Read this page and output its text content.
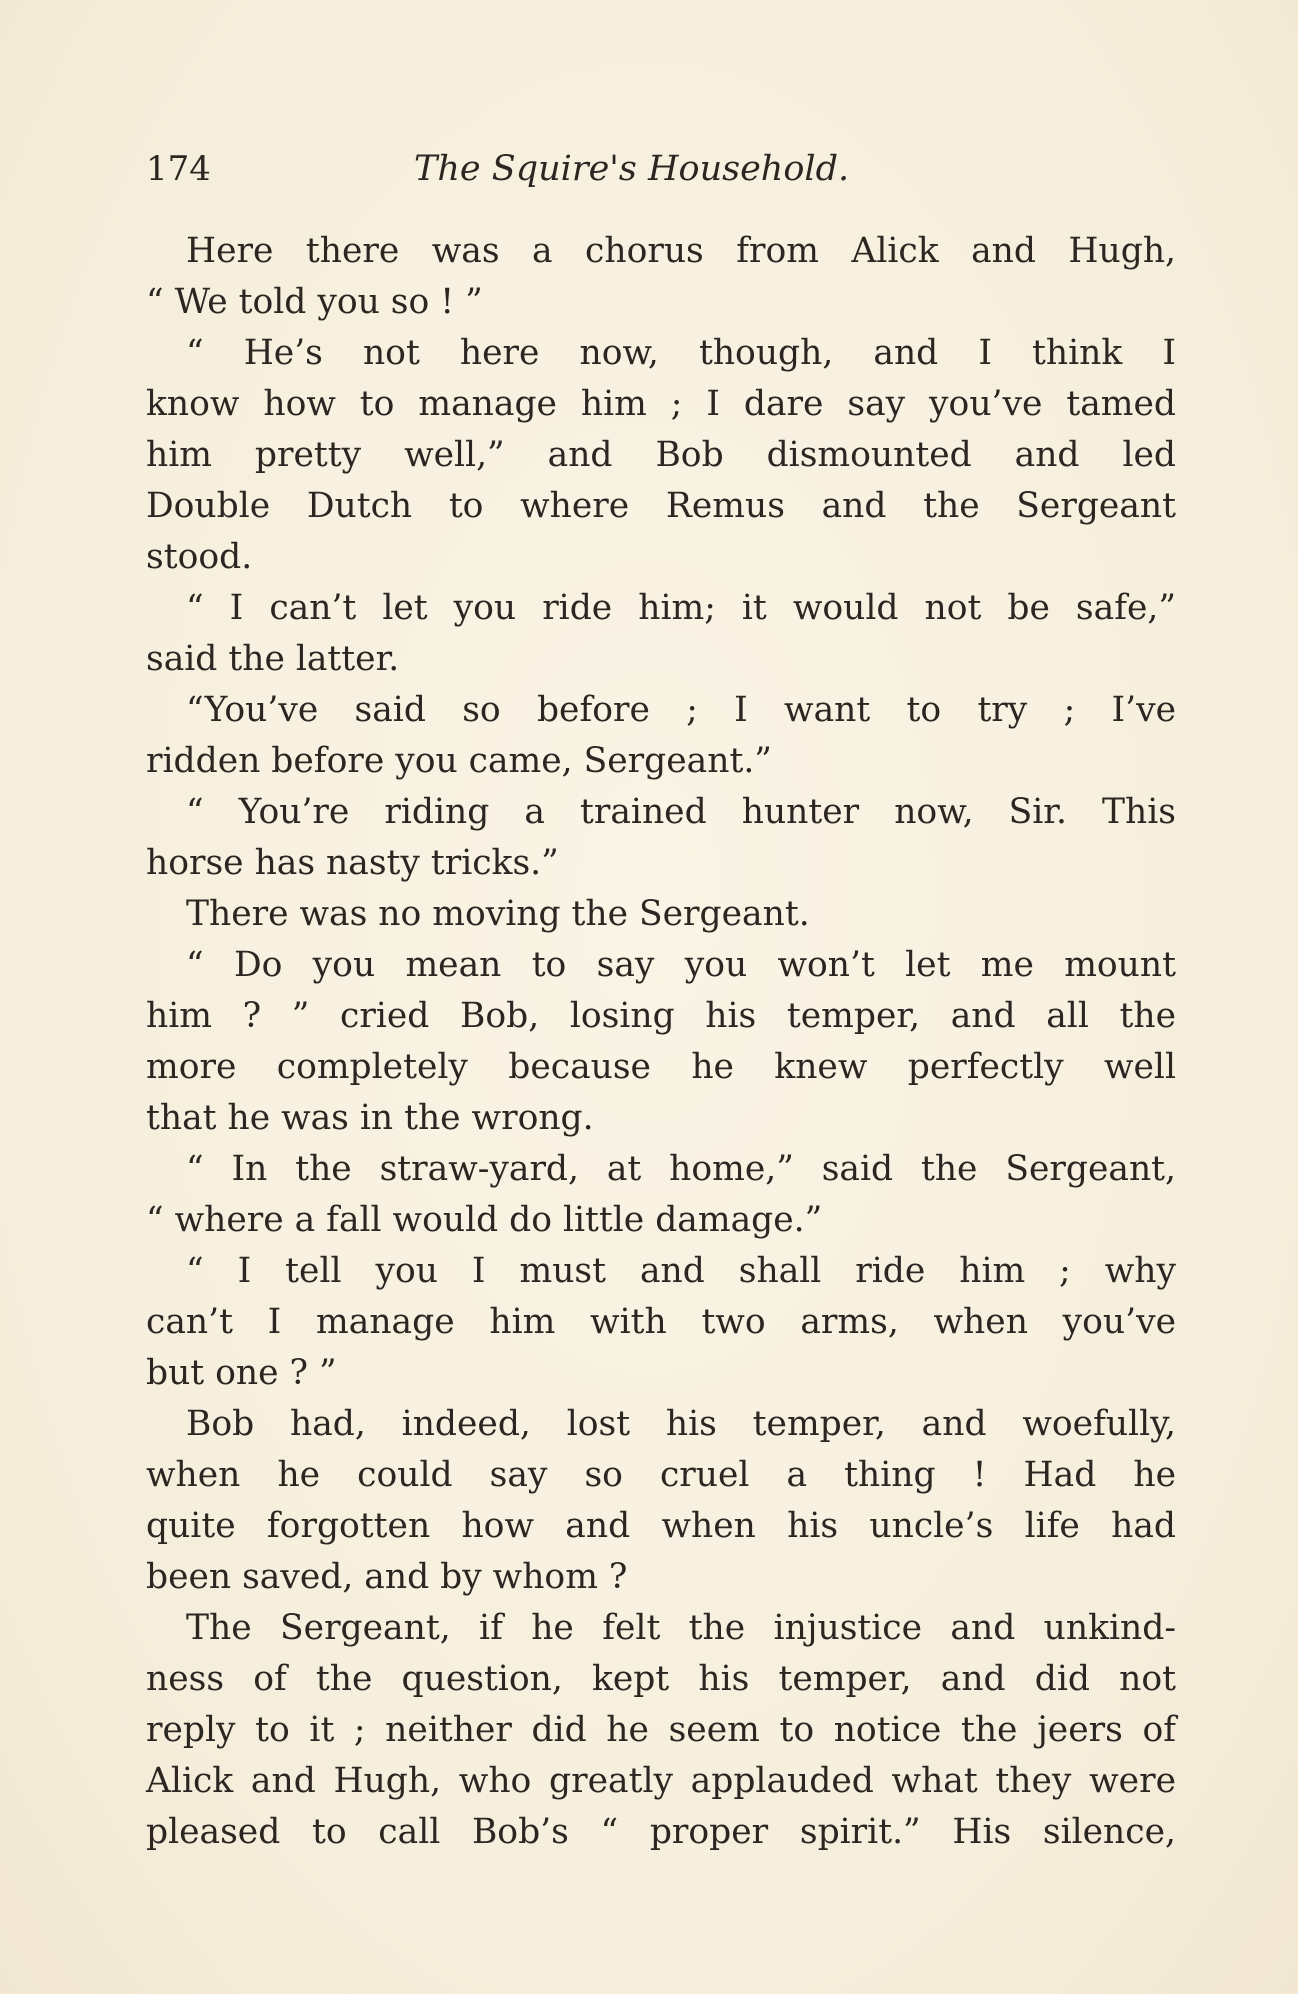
174	The Squire's Household.
Here there was a chorus from Alick and Hugh,
“ We told you so ! ”
“ He’s not here now, though, and I think I
know how to manage him ; I dare say you’ve tamed
him pretty well,” and Bob dismounted and led
Double Dutch to where Remus and the Sergeant
stood.
“ I can’t let you ride him; it would not be safe,”
said the latter.
“You’ve said so before ; I want to try ; I’ve
ridden before you came, Sergeant.”
“ You’re riding a trained hunter now, Sir. This
horse has nasty tricks.”
There was no moving the Sergeant.
“ Do you mean to say you won’t let me mount
him ? ” cried Bob, losing his temper, and all the
more completely because he knew perfectly well
that he was in the wrong.
“ In the straw-yard, at home,” said the Sergeant,
“ where a fall would do little damage.”
“ I tell you I must and shall ride him ; why
can’t I manage him with two arms, when you’ve
but one ? ”
Bob had, indeed, lost his temper, and woefully,
when he could say so cruel a thing ! Had he
quite forgotten how and when his uncle’s life had
been saved, and by whom ?
The Sergeant, if he felt the injustice and unkind-
ness of the question, kept his temper, and did not
reply to it ; neither did he seem to notice the jeers of
Alick and Hugh, who greatly applauded what they were
pleased to call Bob’s “ proper spirit.” His silence,
